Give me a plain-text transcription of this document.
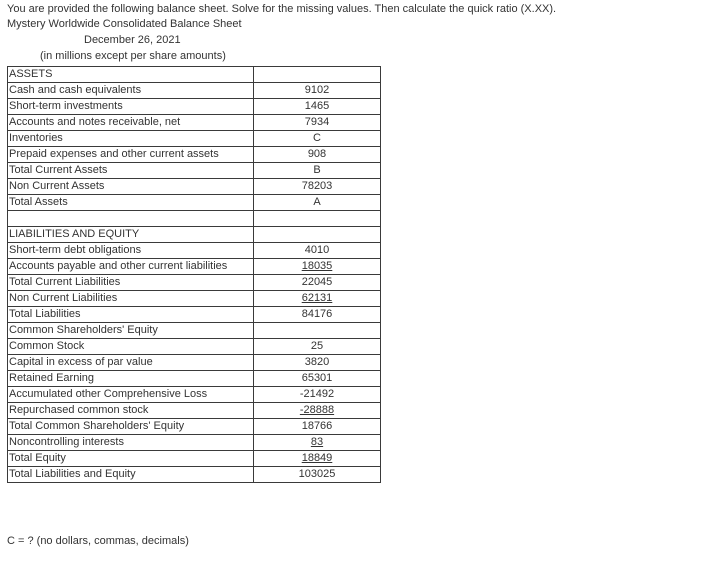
You are provided the following balance sheet. Solve for the missing values. Then calculate the quick ratio (X.XX).
Mystery Worldwide Consolidated Balance Sheet
December 26, 2021
(in millions except per share amounts)
ASSETS	
Cash and cash equivalents	9102
Short-term investments	1465
Accounts and notes receivable, net	7934
Inventories	C
Prepaid expenses and other current assets	908
Total Current Assets	B
Non Current Assets	78203
Total Assets	A

LIABILITIES AND EQUITY	
Short-term debt obligations	4010
Accounts payable and other current liabilities	18035
Total Current Liabilities	22045
Non Current Liabilities	62131
Total Liabilities	84176
Common Shareholders' Equity	
Common Stock	25
Capital in excess of par value	3820
Retained Earning	65301
Accumulated other Comprehensive Loss	-21492
Repurchased common stock	-28888
Total Common Shareholders' Equity	18766
Noncontrolling interests	83
Total Equity	18849
Total Liabilities and Equity	103025
C = ? (no dollars, commas, decimals)
